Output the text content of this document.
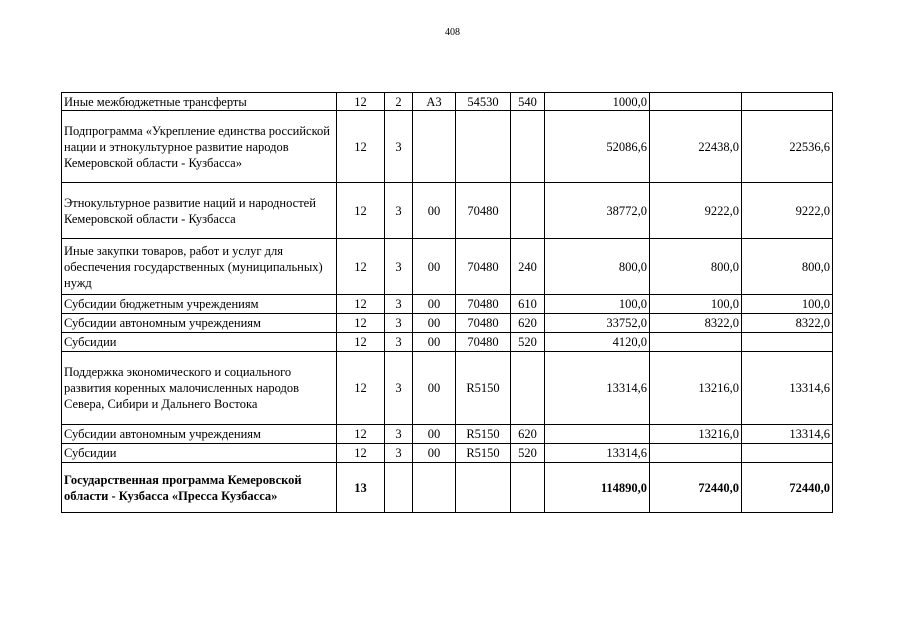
408
Иные межбюджетные трансферты	12	2	А3	54530	540	1000,0		
Подпрограмма «Укрепление единства российской нации и этнокультурное развитие народов Кемеровской области - Кузбасса»	12	3				52086,6	22438,0	22536,6
Этнокультурное развитие наций и народностей Кемеровской области - Кузбасса	12	3	00	70480		38772,0	9222,0	9222,0
Иные закупки товаров, работ и услуг для обеспечения государственных (муниципальных) нужд	12	3	00	70480	240	800,0	800,0	800,0
Субсидии бюджетным учреждениям	12	3	00	70480	610	100,0	100,0	100,0
Субсидии автономным учреждениям	12	3	00	70480	620	33752,0	8322,0	8322,0
Субсидии	12	3	00	70480	520	4120,0		
Поддержка экономического и социального развития коренных малочисленных народов Севера, Сибири и Дальнего Востока	12	3	00	R5150		13314,6	13216,0	13314,6
Субсидии автономным учреждениям	12	3	00	R5150	620		13216,0	13314,6
Субсидии	12	3	00	R5150	520	13314,6		
Государственная программа Кемеровской области - Кузбасса «Пресса Кузбасса»	13					114890,0	72440,0	72440,0
